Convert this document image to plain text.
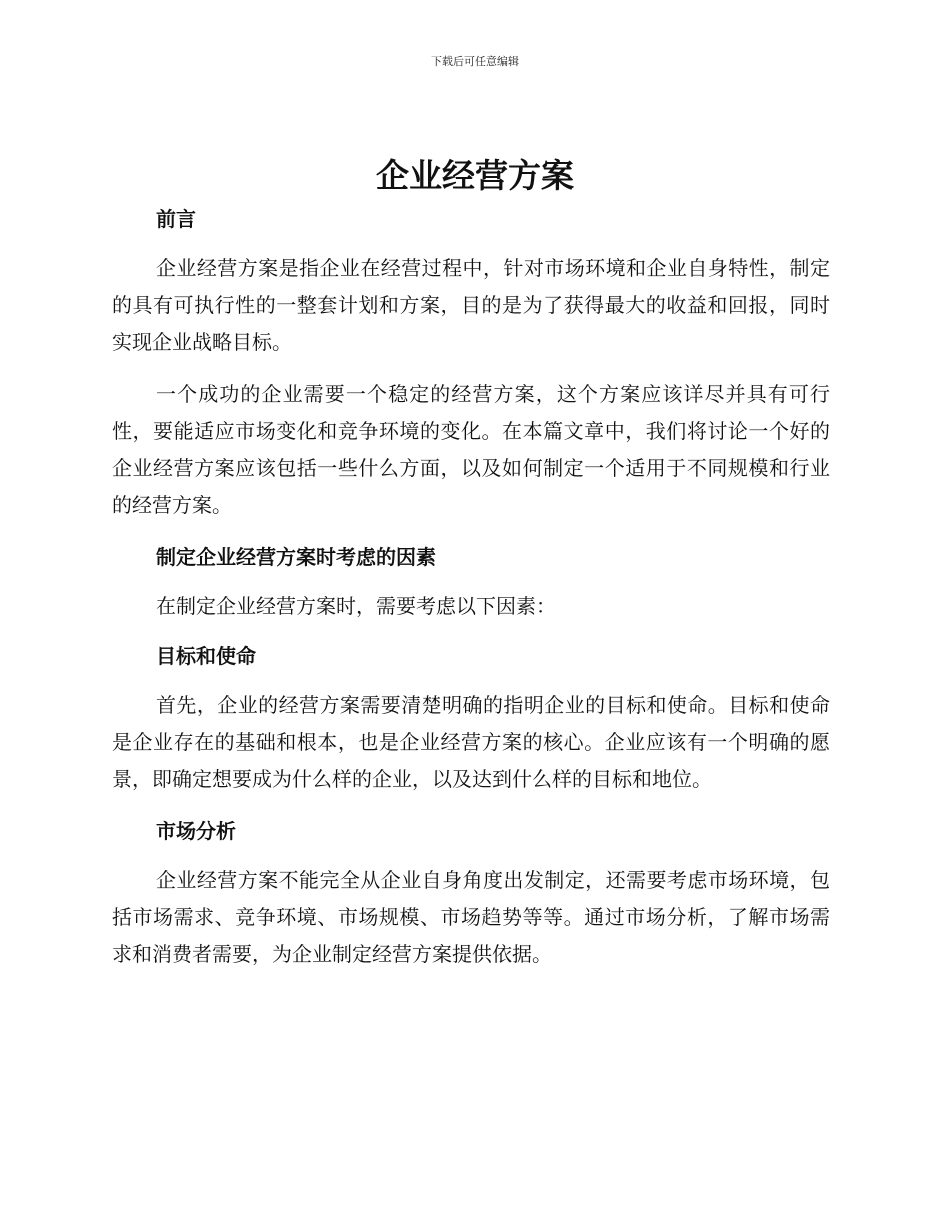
下载后可任意编辑
企业经营方案
前言

企业经营方案是指企业在经营过程中，针对市场环境和企业自身特性，制定的具有可执行性的一整套计划和方案，目的是为了获得最大的收益和回报，同时实现企业战略目标。

一个成功的企业需要一个稳定的经营方案，这个方案应该详尽并具有可行性，要能适应市场变化和竞争环境的变化。在本篇文章中，我们将讨论一个好的企业经营方案应该包括一些什么方面，以及如何制定一个适用于不同规模和行业的经营方案。

制定企业经营方案时考虑的因素

在制定企业经营方案时，需要考虑以下因素：

目标和使命

首先，企业的经营方案需要清楚明确的指明企业的目标和使命。目标和使命是企业存在的基础和根本，也是企业经营方案的核心。企业应该有一个明确的愿景，即确定想要成为什么样的企业，以及达到什么样的目标和地位。

市场分析

企业经营方案不能完全从企业自身角度出发制定，还需要考虑市场环境，包括市场需求、竞争环境、市场规模、市场趋势等等。通过市场分析，了解市场需求和消费者需要，为企业制定经营方案提供依据。
